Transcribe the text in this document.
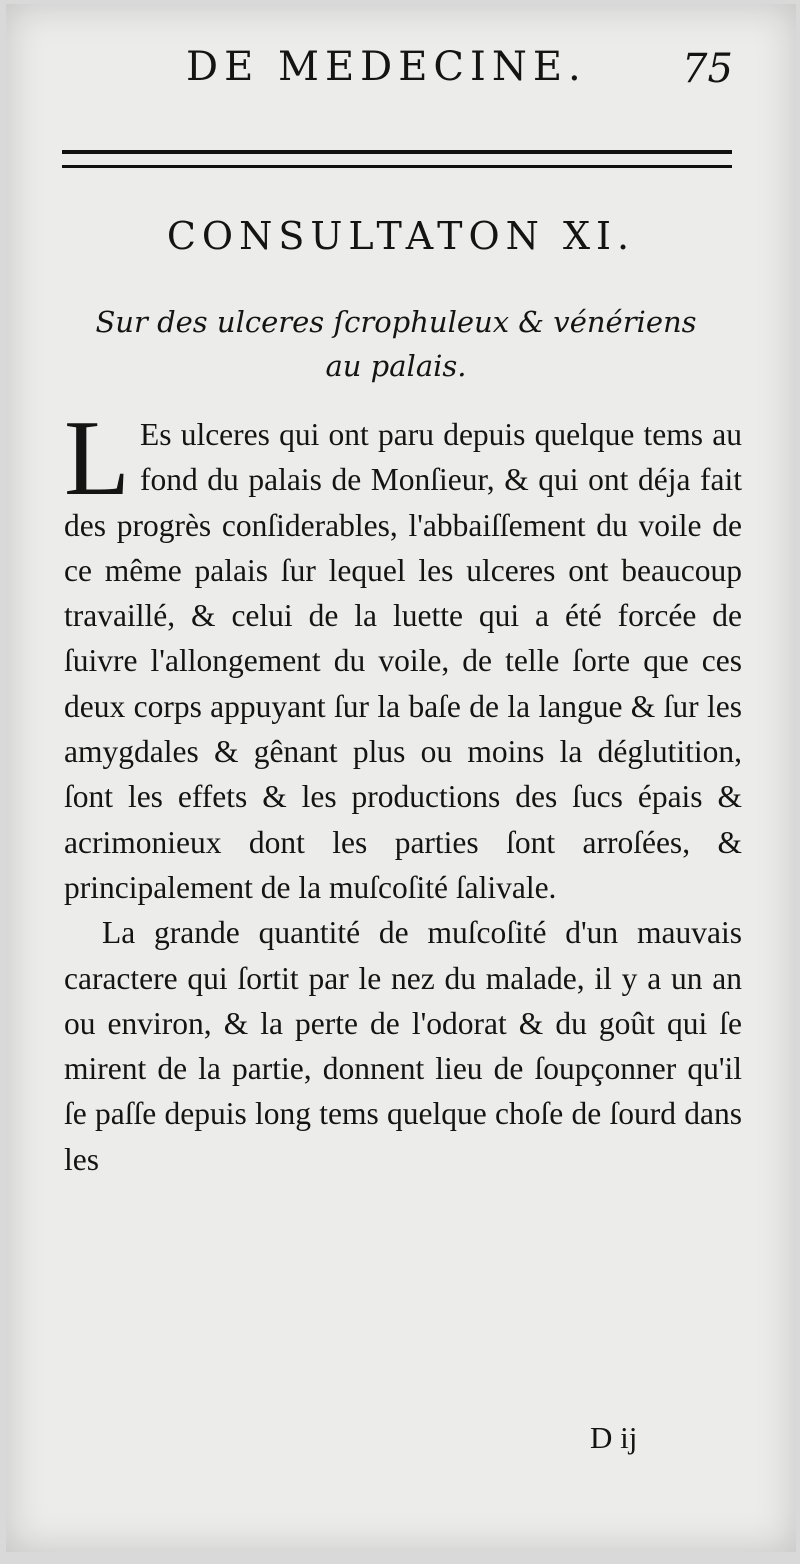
DE MEDECINE. 75
CONSULTATON XI.
Sur des ulceres ſcrophuleux & vénériens
au palais.

L Es ulceres qui ont paru depuis quelque tems au fond du palais de Monſieur, & qui ont déja fait des progrès conſiderables, l'abbaiſſement du voile de ce même palais ſur lequel les ulceres ont beaucoup travaillé, & celui de la luette qui a été forcée de ſuivre l'allongement du voile, de telle ſorte que ces deux corps appuyant ſur la baſe de la langue & ſur les amygdales & gênant plus ou moins la déglutition, ſont les effets & les productions des ſucs épais & acrimonieux dont les parties ſont arroſées, & principalement de la muſcoſité ſalivale.

La grande quantité de muſcoſité d'un mauvais caractere qui ſortit par le nez du malade, il y a un an ou environ, & la perte de l'odorat & du goût qui ſe mirent de la partie, donnent lieu de ſoupçonner qu'il ſe paſſe depuis long tems quelque choſe de ſourd dans les

D ij
